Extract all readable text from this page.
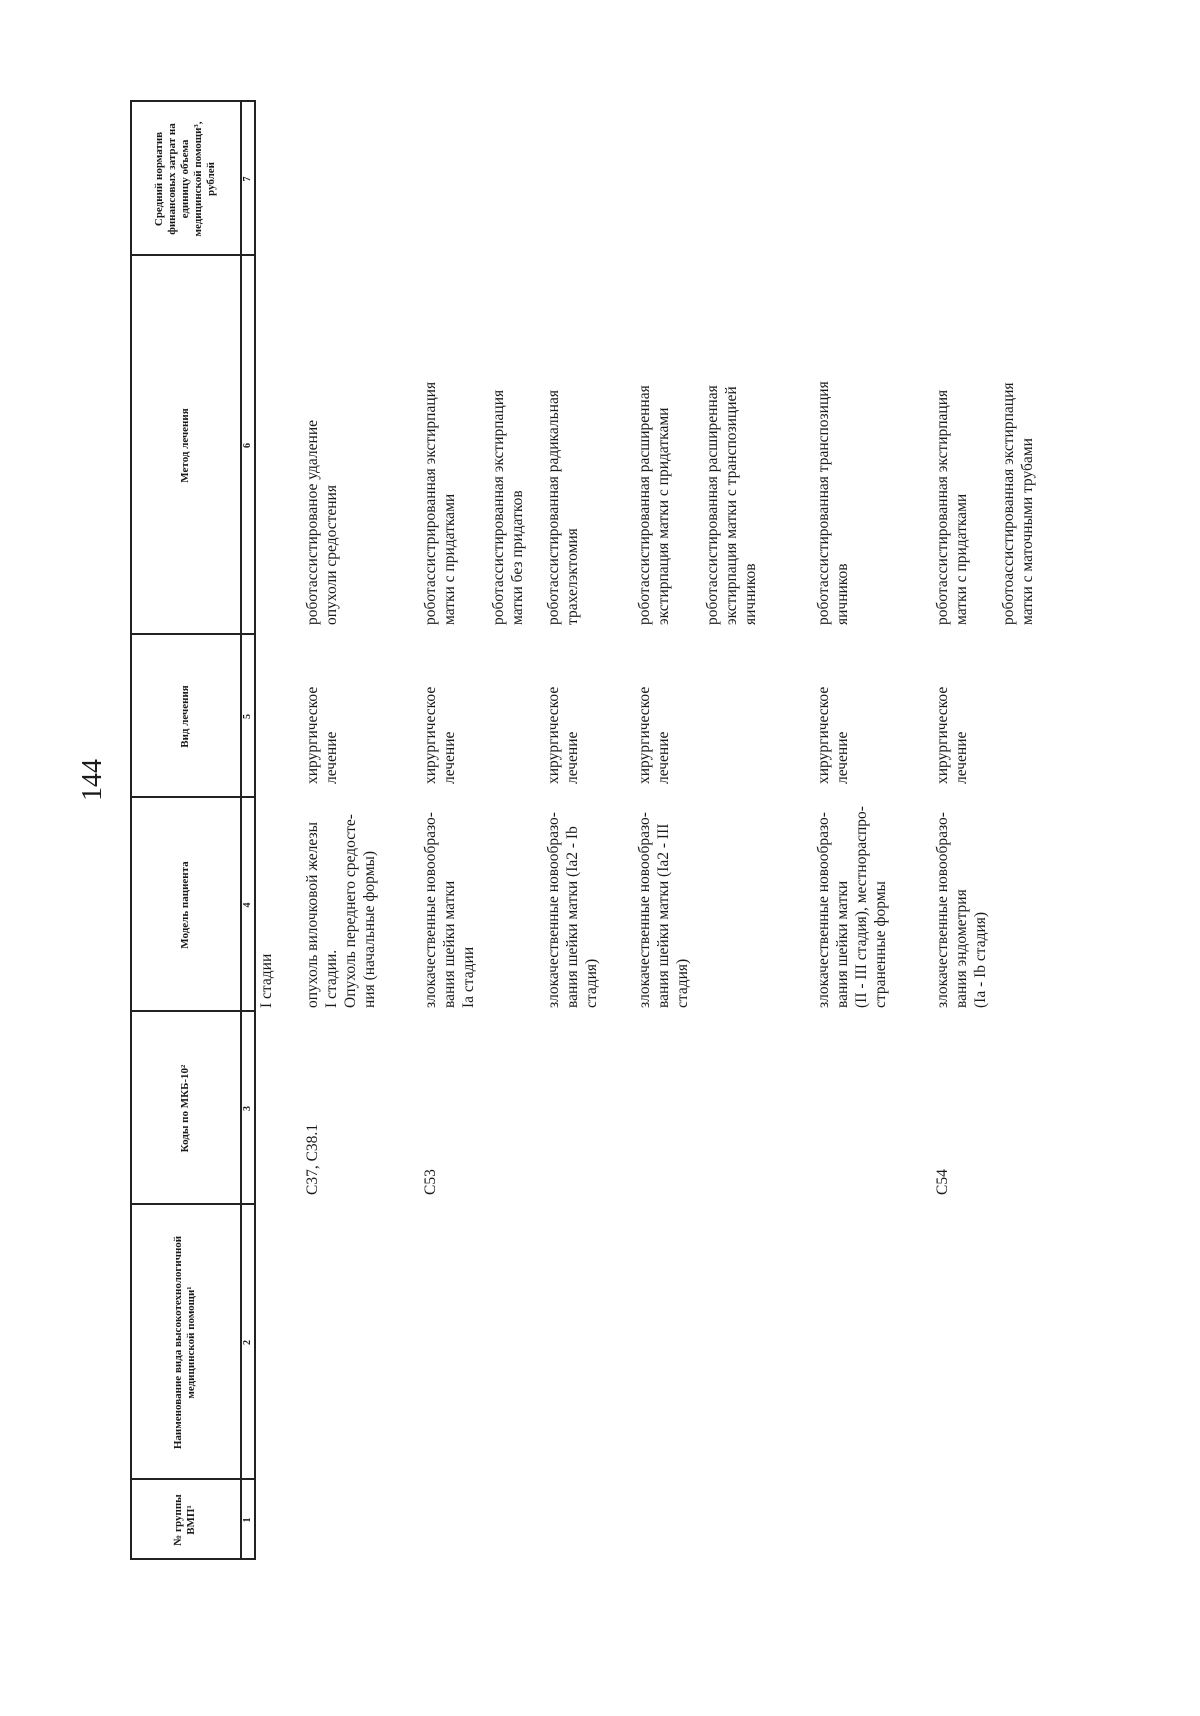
144
№ группы ВМП¹
Наименование вида высокотехнологичной медицинской помощи¹
Коды по МКБ-10²
Модель пациента
Вид лечения
Метод лечения
Средний норматив финансовых затрат на единицу объема медицинской помощи³, рублей
1
2
3
4
5
6
7
I стадии
C37, C38.1
опухоль вилочковой железы
I стадии.
Опухоль переднего средосте-
ния (начальные формы)
хирургическое
лечение
роботассистированое удаление
опухоли средостения
C53
злокачественные новообразо-
вания шейки матки
Ia стадии
хирургическое
лечение
роботассистрированная экстирпация
матки с придатками роботассистированная экстирпация
матки без придатков
злокачественные новообразо-
вания шейки матки (Ia2 - Ib
стадия)
хирургическое
лечение
роботассистированная радикальная
трахелэктомия
злокачественные новообразо-
вания шейки матки (Ia2 - III
стадия)
хирургическое
лечение
роботассистированная расширенная
экстирпация матки с придатками
роботассистированная расширенная
экстирпация матки с транспозицией
яичников
злокачественные новообразо-
вания шейки матки
(II - III стадия), местнораспро-
страненные формы
хирургическое
лечение
роботассистированная транспозиция
яичников
C54
злокачественные новообразо-
вания эндометрия
(Ia - Ib стадия)
хирургическое
лечение
роботассистированная экстирпация
матки с придатками роботоассистированная экстирпация
матки с маточными трубами
